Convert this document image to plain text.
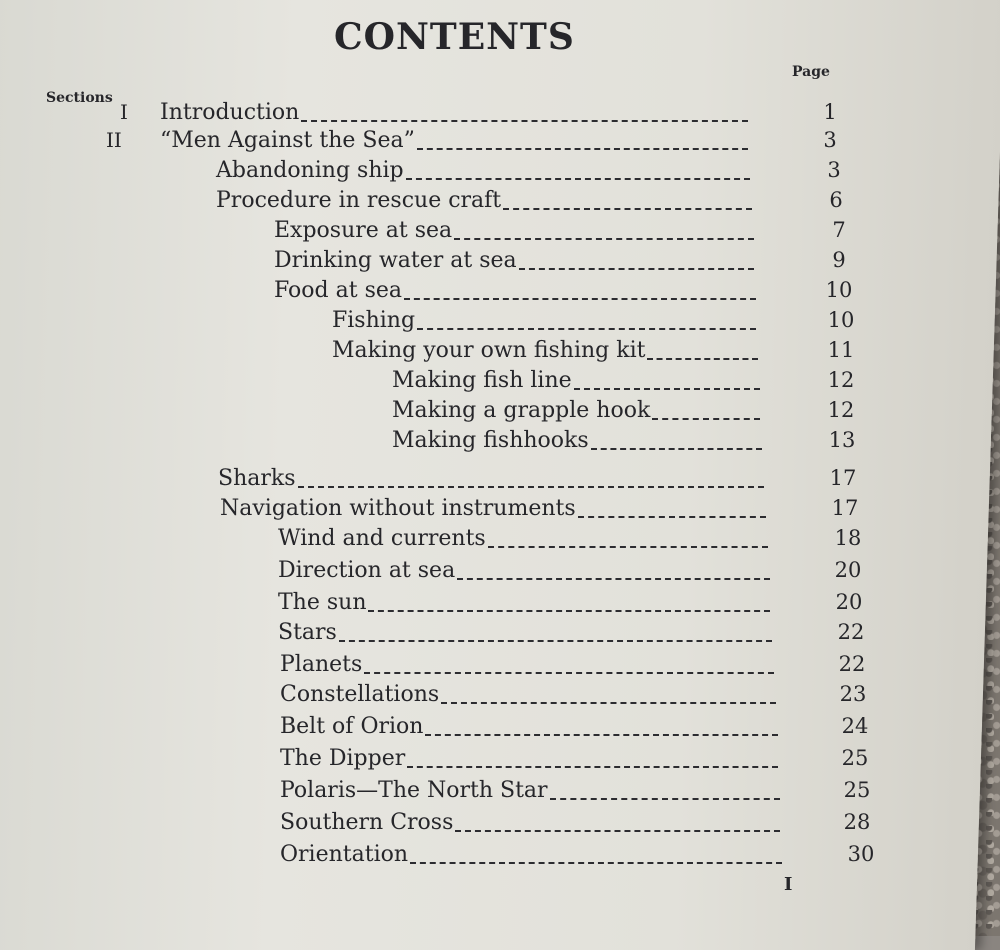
CONTENTS
Page
Sections
I Introduction	1
II “Men Against the Sea”	3
Abandoning ship	3
Procedure in rescue craft	6
Exposure at sea	7
Drinking water at sea	9
Food at sea	10
Fishing	10
Making your own fishing kit	11
Making fish line	12
Making a grapple hook	12
Making fishhooks	13
Sharks	17
Navigation without instruments	17
Wind and currents	18
Direction at sea	20
The sun	20
Stars	22
Planets	22
Constellations	23
Belt of Orion	24
The Dipper	25
Polaris—The North Star	25
Southern Cross	28
Orientation	30
I
